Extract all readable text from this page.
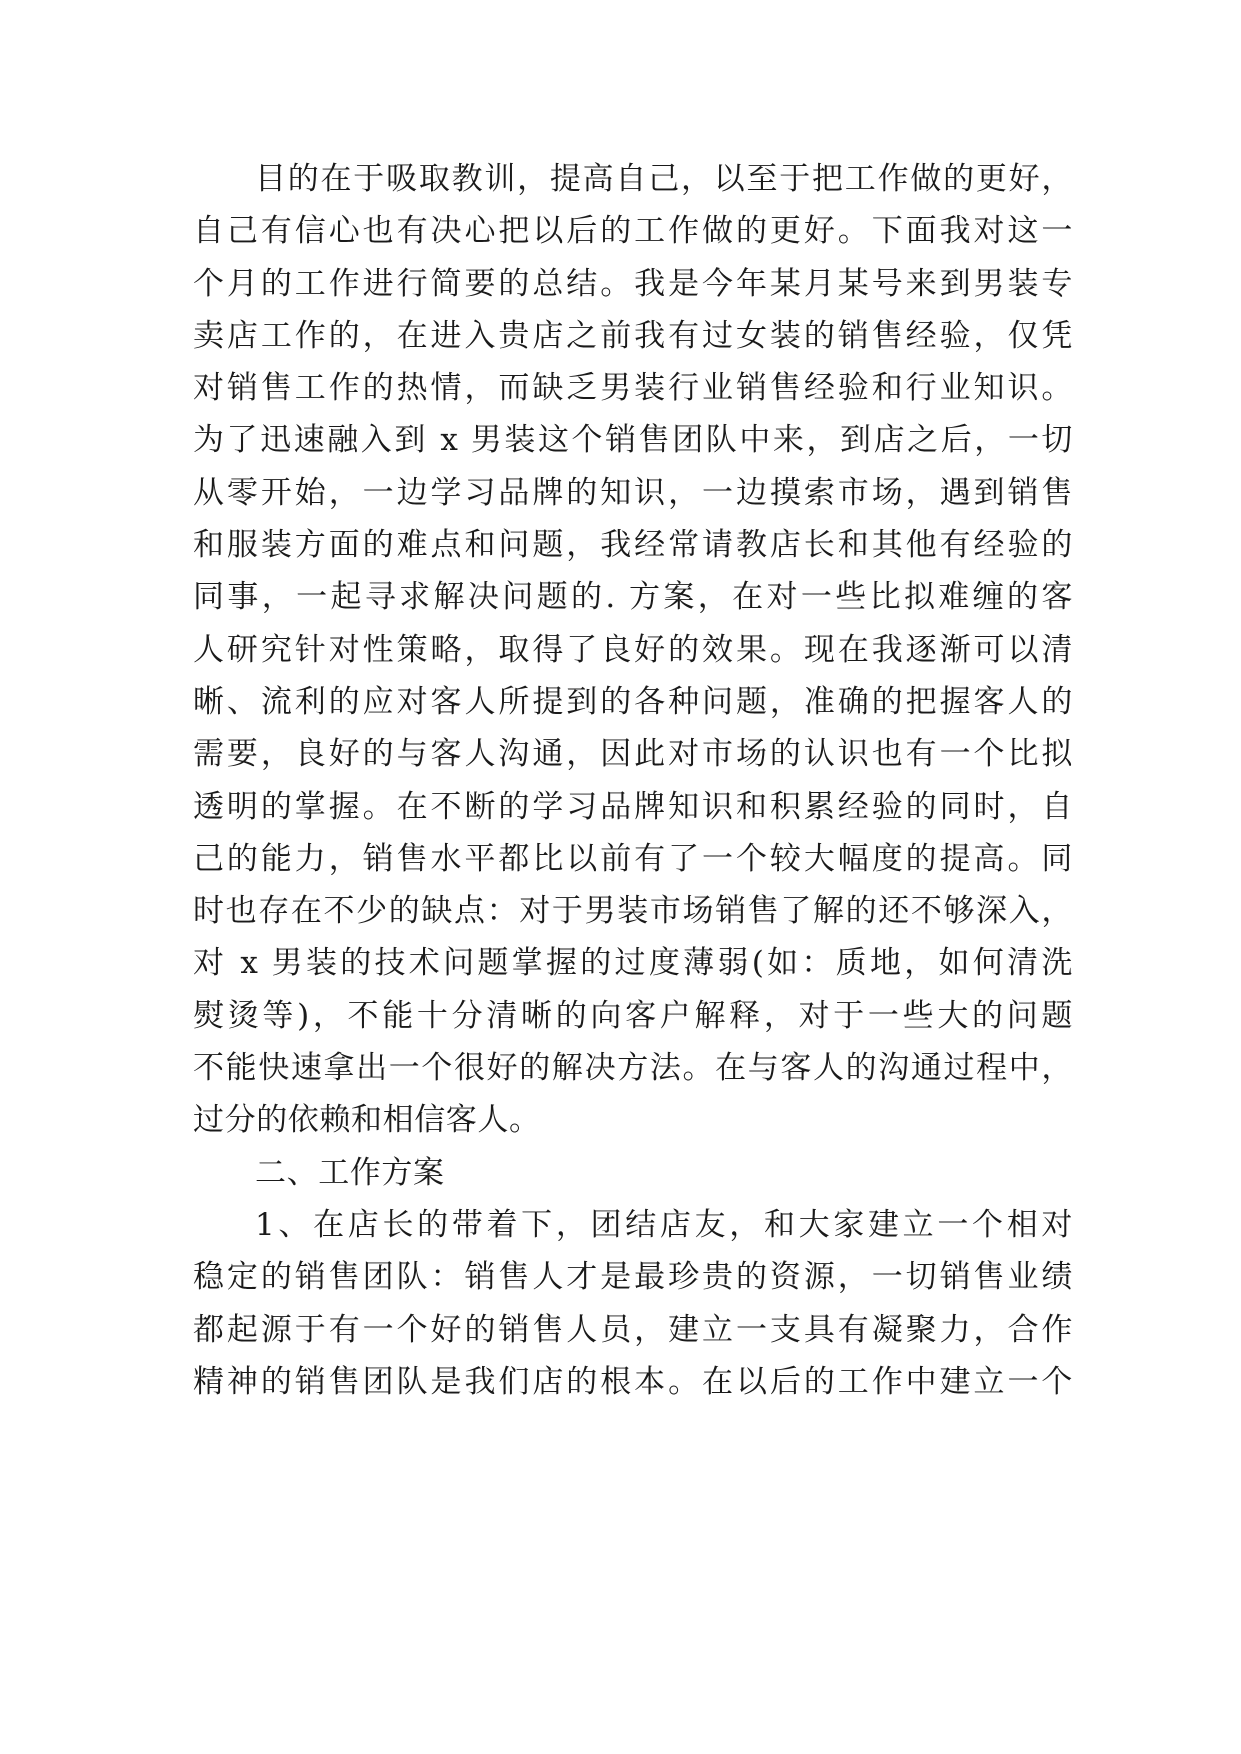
目的在于吸取教训，提高自己，以至于把工作做的更好，
自己有信心也有决心把以后的工作做的更好。下面我对这一
个月的工作进行简要的总结。我是今年某月某号来到男装专
卖店工作的，在进入贵店之前我有过女装的销售经验，仅凭
对销售工作的热情，而缺乏男装行业销售经验和行业知识。
为了迅速融入到 x 男装这个销售团队中来，到店之后，一切
从零开始，一边学习品牌的知识，一边摸索市场，遇到销售
和服装方面的难点和问题，我经常请教店长和其他有经验的
同事，一起寻求解决问题的. 方案，在对一些比拟难缠的客
人研究针对性策略，取得了良好的效果。现在我逐渐可以清
晰、流利的应对客人所提到的各种问题，准确的把握客人的
需要，良好的与客人沟通，因此对市场的认识也有一个比拟
透明的掌握。在不断的学习品牌知识和积累经验的同时，自
己的能力，销售水平都比以前有了一个较大幅度的提高。同
时也存在不少的缺点：对于男装市场销售了解的还不够深入，
对 x 男装的技术问题掌握的过度薄弱(如：质地，如何清洗
熨烫等)，不能十分清晰的向客户解释，对于一些大的问题
不能快速拿出一个很好的解决方法。在与客人的沟通过程中，
过分的依赖和相信客人。
二、工作方案
1、在店长的带着下，团结店友，和大家建立一个相对
稳定的销售团队：销售人才是最珍贵的资源，一切销售业绩
都起源于有一个好的销售人员，建立一支具有凝聚力，合作
精神的销售团队是我们店的根本。在以后的工作中建立一个
